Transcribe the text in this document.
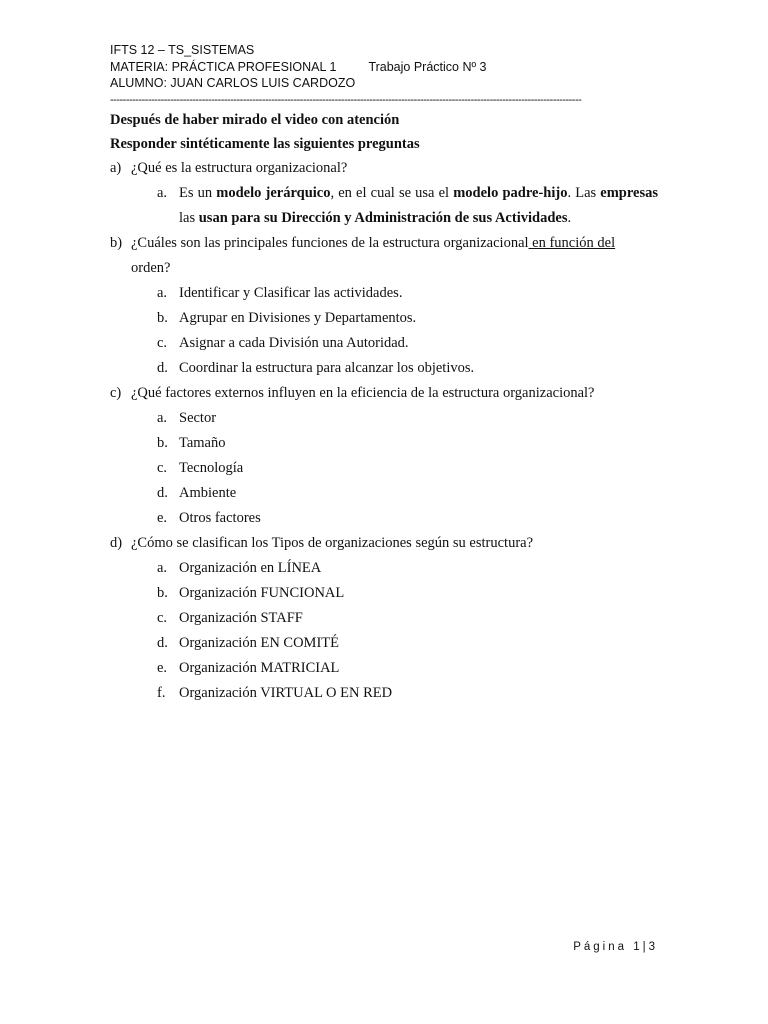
IFTS 12 – TS_SISTEMAS
MATERIA: PRÁCTICA PROFESIONAL 1	Trabajo Práctico Nº 3
ALUMNO: JUAN CARLOS LUIS CARDOZO
-----------------------------------------------------------------------------------------------------------------------------------------------------
Después de haber mirado el video con atención
Responder sintéticamente las siguientes preguntas
a) ¿Qué es la estructura organizacional?
a. Es un modelo jerárquico, en el cual se usa el modelo padre-hijo. Las empresas las usan para su Dirección y Administración de sus Actividades.
b) ¿Cuáles son las principales funciones de la estructura organizacional en función del
orden?
a. Identificar y Clasificar las actividades.
b. Agrupar en Divisiones y Departamentos.
c. Asignar a cada División una Autoridad.
d. Coordinar la estructura para alcanzar los objetivos.
c) ¿Qué factores externos influyen en la eficiencia de la estructura organizacional?
a. Sector
b. Tamaño
c. Tecnología
d. Ambiente
e. Otros factores
d) ¿Cómo se clasifican los Tipos de organizaciones según su estructura?
a. Organización en LÍNEA
b. Organización FUNCIONAL
c. Organización STAFF
d. Organización EN COMITÉ
e. Organización MATRICIAL
f. Organización VIRTUAL O EN RED
Página 1|3
